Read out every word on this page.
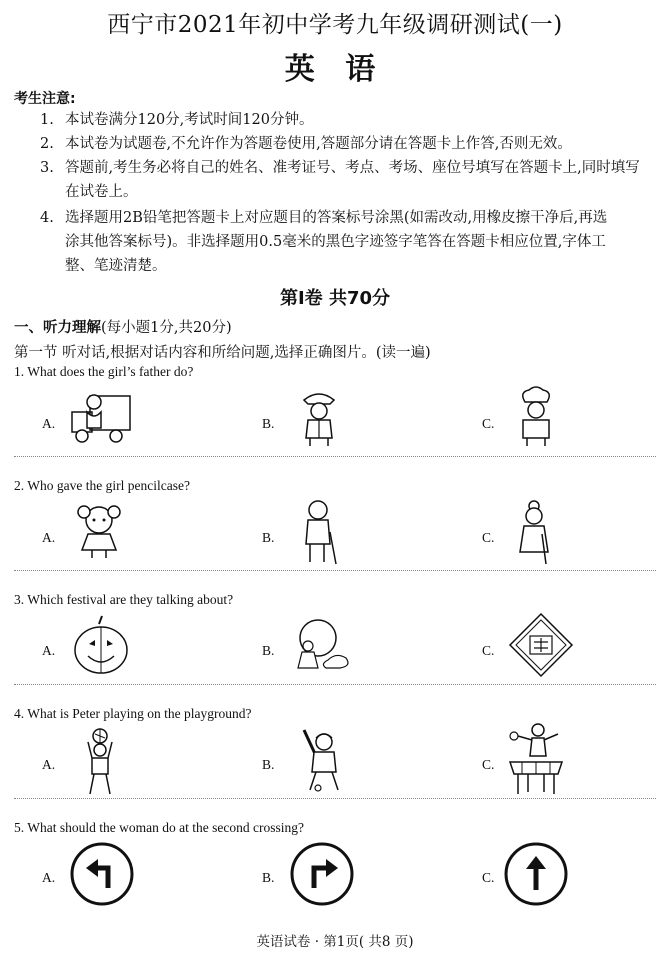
西宁市2021年初中学考九年级调研测试(一)
英 语
考生注意:
1. 本试卷满分120分,考试时间120分钟。
2. 本试卷为试题卷,不允许作为答题卷使用,答题部分请在答题卡上作答,否则无效。
3. 答题前,考生务必将自己的姓名、准考证号、考点、考场、座位号填写在答题卡上,同时填写
在试卷上。
4. 选择题用2B铅笔把答题卡上对应题目的答案标号涂黑(如需改动,用橡皮擦干净后,再选
涂其他答案标号)。非选择题用0.5毫米的黑色字迹签字笔答在答题卡相应位置,字体工
整、笔迹清楚。
第Ⅰ卷 共70分
一、听力理解(每小题1分,共20分)
第一节 听对话,根据对话内容和所给问题,选择正确图片。(读一遍)
1. What does the girl’s father do?
A.	B.	C.
2. Who gave the girl pencilcase?
A.	B.	C.
3. Which festival are they talking about?
A.	B.	C.
4. What is Peter playing on the playground?
A.	B.	C.
5. What should the woman do at the second crossing?
A.	B.	C.
英语试卷 · 第1页( 共8 页)
